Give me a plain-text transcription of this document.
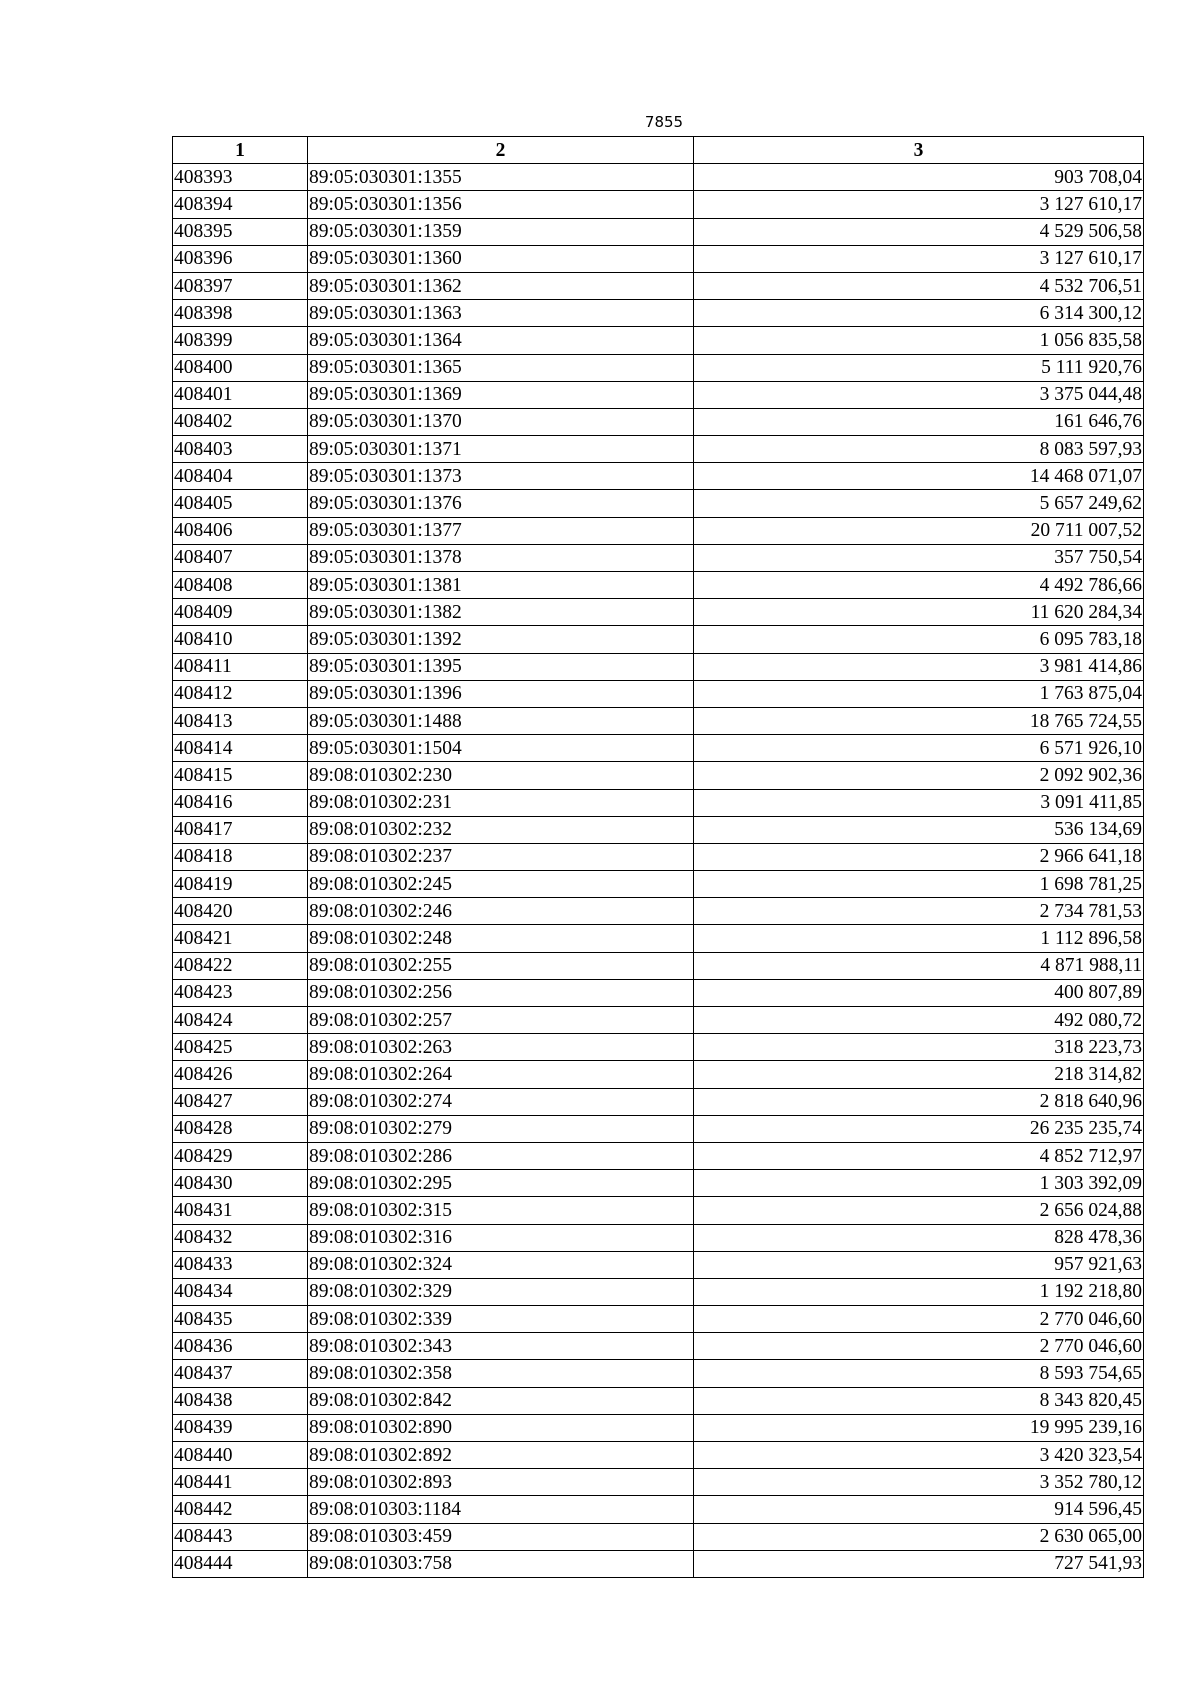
7855
1	2	3
408393	89:05:030301:1355	903 708,04
408394	89:05:030301:1356	3 127 610,17
408395	89:05:030301:1359	4 529 506,58
408396	89:05:030301:1360	3 127 610,17
408397	89:05:030301:1362	4 532 706,51
408398	89:05:030301:1363	6 314 300,12
408399	89:05:030301:1364	1 056 835,58
408400	89:05:030301:1365	5 111 920,76
408401	89:05:030301:1369	3 375 044,48
408402	89:05:030301:1370	161 646,76
408403	89:05:030301:1371	8 083 597,93
408404	89:05:030301:1373	14 468 071,07
408405	89:05:030301:1376	5 657 249,62
408406	89:05:030301:1377	20 711 007,52
408407	89:05:030301:1378	357 750,54
408408	89:05:030301:1381	4 492 786,66
408409	89:05:030301:1382	11 620 284,34
408410	89:05:030301:1392	6 095 783,18
408411	89:05:030301:1395	3 981 414,86
408412	89:05:030301:1396	1 763 875,04
408413	89:05:030301:1488	18 765 724,55
408414	89:05:030301:1504	6 571 926,10
408415	89:08:010302:230	2 092 902,36
408416	89:08:010302:231	3 091 411,85
408417	89:08:010302:232	536 134,69
408418	89:08:010302:237	2 966 641,18
408419	89:08:010302:245	1 698 781,25
408420	89:08:010302:246	2 734 781,53
408421	89:08:010302:248	1 112 896,58
408422	89:08:010302:255	4 871 988,11
408423	89:08:010302:256	400 807,89
408424	89:08:010302:257	492 080,72
408425	89:08:010302:263	318 223,73
408426	89:08:010302:264	218 314,82
408427	89:08:010302:274	2 818 640,96
408428	89:08:010302:279	26 235 235,74
408429	89:08:010302:286	4 852 712,97
408430	89:08:010302:295	1 303 392,09
408431	89:08:010302:315	2 656 024,88
408432	89:08:010302:316	828 478,36
408433	89:08:010302:324	957 921,63
408434	89:08:010302:329	1 192 218,80
408435	89:08:010302:339	2 770 046,60
408436	89:08:010302:343	2 770 046,60
408437	89:08:010302:358	8 593 754,65
408438	89:08:010302:842	8 343 820,45
408439	89:08:010302:890	19 995 239,16
408440	89:08:010302:892	3 420 323,54
408441	89:08:010302:893	3 352 780,12
408442	89:08:010303:1184	914 596,45
408443	89:08:010303:459	2 630 065,00
408444	89:08:010303:758	727 541,93
